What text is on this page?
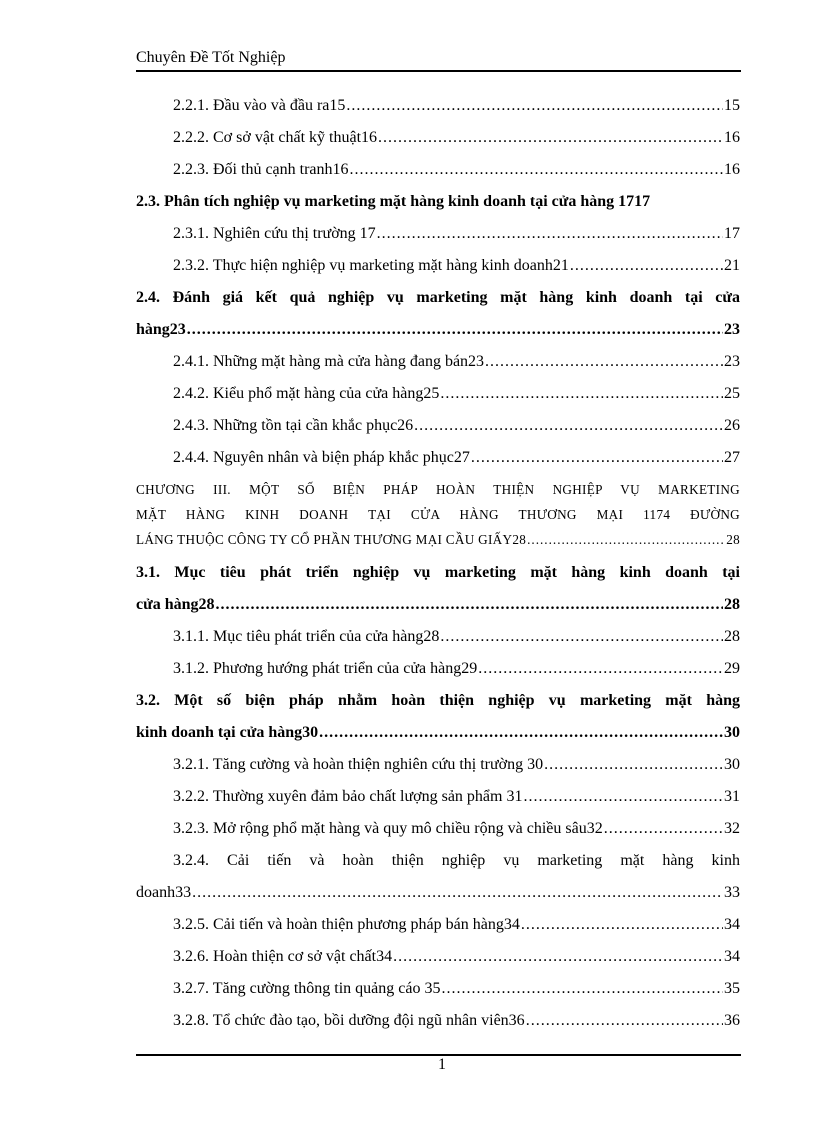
Chuyên Đề Tốt Nghiệp
2.2.1. Đầu vào và đầu ra15 .....	15
2.2.2. Cơ sở vật chất kỹ thuật16 .....	16
2.2.3. Đối thủ cạnh tranh16 .....	16
2.3. Phân tích nghiệp vụ marketing mặt hàng kinh doanh tại cửa hàng 1717
2.3.1. Nghiên cứu thị trường 17 .....	17
2.3.2. Thực hiện nghiệp vụ marketing mặt hàng kinh doanh21 .....	21
2.4. Đánh giá kết quả nghiệp vụ marketing mặt hàng kinh doanh tại cửa
hàng23 .....	23
2.4.1. Những mặt hàng mà cửa hàng đang bán23 .....	23
2.4.2. Kiểu phổ mặt hàng của cửa hàng25 .....	25
2.4.3. Những tồn tại cần khắc phục26 .....	26
2.4.4. Nguyên nhân và biện pháp khắc phục27 .....	27
CHƯƠNG III. MỘT SỐ BIỆN PHÁP HOÀN THIỆN NGHIỆP VỤ MARKETING
MẶT HÀNG KINH DOANH TẠI CỬA HÀNG THƯƠNG MẠI 1174 ĐƯỜNG
LÁNG THUỘC CÔNG TY CỔ PHẦN THƯƠNG MẠI CẦU GIẤY28 .....	28
3.1. Mục tiêu phát triển nghiệp vụ marketing mặt hàng kinh doanh tại
cửa hàng28 .....	28
3.1.1. Mục tiêu phát triển của cửa hàng28 .....	28
3.1.2. Phương hướng phát triển của cửa hàng29 .....	29
3.2. Một số biện pháp nhằm hoàn thiện nghiệp vụ marketing mặt hàng
kinh doanh tại cửa hàng30 .....	30
3.2.1. Tăng cường và hoàn thiện nghiên cứu thị trường 30 .....	30
3.2.2. Thường xuyên đảm bảo chất lượng sản phẩm 31 .....	31
3.2.3. Mở rộng phổ mặt hàng và quy mô chiều rộng và chiều sâu32 .....	32
3.2.4. Cải tiến và hoàn thiện nghiệp vụ marketing mặt hàng kinh
doanh33 .....	33
3.2.5. Cải tiến và hoàn thiện phương pháp bán hàng34 .....	34
3.2.6. Hoàn thiện cơ sở vật chất34 .....	34
3.2.7. Tăng cường thông tin quảng cáo 35 .....	35
3.2.8. Tổ chức đào tạo, bồi dưỡng đội ngũ nhân viên36 .....	36
1
